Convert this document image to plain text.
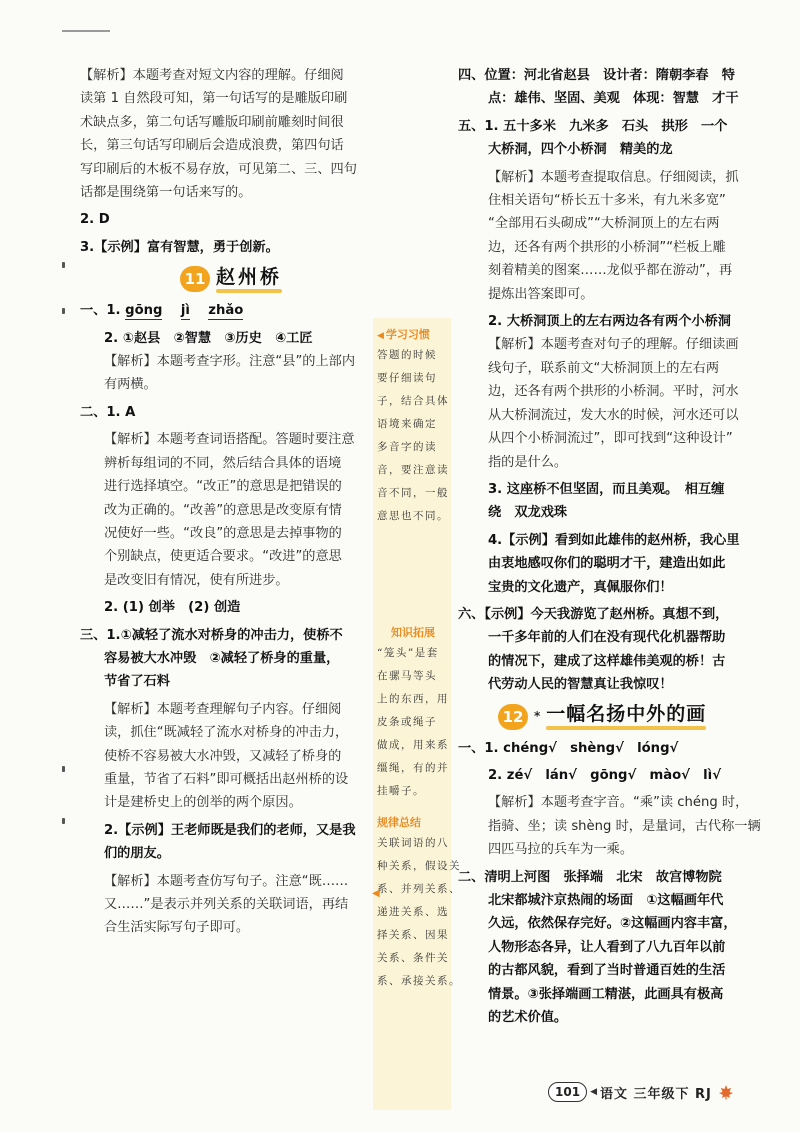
【解析】本题考查对短文内容的理解。仔细阅

读第 1 自然段可知，第一句话写的是雕版印刷

术缺点多，第二句话写雕版印刷前雕刻时间很

长，第三句话写印刷后会造成浪费，第四句话

写印刷后的木板不易存放，可见第二、三、四句

话都是围绕第一句话来写的。

2. D

3.【示例】富有智慧，勇于创新。

11 赵州桥

一、1. gōng jì zhǎo

2. ①赵县　②智慧　③历史　④工匠

【解析】本题考查字形。注意“县”的上部内

有两横。

二、1. A

【解析】本题考查词语搭配。答题时要注意

辨析每组词的不同，然后结合具体的语境

进行选择填空。“改正”的意思是把错误的

改为正确的。“改善”的意思是改变原有情

况使好一些。“改良”的意思是去掉事物的

个别缺点，使更适合要求。“改进”的意思

是改变旧有情况，使有所进步。

2. (1) 创举　(2) 创造

三、1.①减轻了流水对桥身的冲击力，使桥不

容易被大水冲毁　②减轻了桥身的重量，

节省了石料

【解析】本题考查理解句子内容。仔细阅

读，抓住“既减轻了流水对桥身的冲击力，

使桥不容易被大水冲毁，又减轻了桥身的

重量，节省了石料”即可概括出赵州桥的设

计是建桥史上的创举的两个原因。

2.【示例】王老师既是我们的老师，又是我

们的朋友。

【解析】本题考查仿写句子。注意“既……

又……”是表示并列关系的关联词语，再结

合生活实际写句子即可。

◀ 学习习惯
答题的时候
要仔细读句
子，结合具体
语境来确定
多音字的读
音，要注意读
音不同，一般
意思也不同。
知识拓展
“笼头”是套
在骡马等头
上的东西，用
皮条或绳子
做成，用来系
缰绳，有的并
挂嚼子。
规律总结
关联词语的八
种关系，假设关
系、并列关系、
递进关系、选
择关系、因果
关系、条件关
系、承接关系。
◀

四、位置：河北省赵县　设计者：隋朝李春　特

点：雄伟、坚固、美观　体现：智慧　才干

五、1. 五十多米　九米多　石头　拱形　一个

大桥洞，四个小桥洞　精美的龙

【解析】本题考查提取信息。仔细阅读，抓

住相关语句“桥长五十多米，有九米多宽”

“全部用石头砌成”“大桥洞顶上的左右两

边，还各有两个拱形的小桥洞”“栏板上雕

刻着精美的图案……龙似乎都在游动”，再

提炼出答案即可。

2. 大桥洞顶上的左右两边各有两个小桥洞

【解析】本题考查对句子的理解。仔细读画

线句子，联系前文“大桥洞顶上的左右两

边，还各有两个拱形的小桥洞。平时，河水

从大桥洞流过，发大水的时候，河水还可以

从四个小桥洞流过”，即可找到“这种设计”

指的是什么。

3. 这座桥不但坚固，而且美观。　相互缠

绕　双龙戏珠

4.【示例】看到如此雄伟的赵州桥，我心里

由衷地感叹你们的聪明才干，建造出如此

宝贵的文化遗产，真佩服你们！

六、【示例】今天我游览了赵州桥。真想不到，

一千多年前的人们在没有现代化机器帮助

的情况下，建成了这样雄伟美观的桥！古

代劳动人民的智慧真让我惊叹！

12 * 一幅名扬中外的画

一、1. chéng√　shèng√　lóng√

2. zé√　lán√　gōng√　mào√　lì√

【解析】本题考查字音。“乘”读 chéng 时，

指骑、坐；读 shèng 时，是量词，古代称一辆

四匹马拉的兵车为一乘。

二、清明上河图　张择端　北宋　故宫博物院

北宋都城汴京热闹的场面　①这幅画年代

久远，依然保存完好。②这幅画内容丰富，

人物形态各异，让人看到了八九百年以前

的古都风貌，看到了当时普通百姓的生活

情景。③张择端画工精湛，此画具有极高

的艺术价值。

101	◀ 语文 三年级下 RJ
